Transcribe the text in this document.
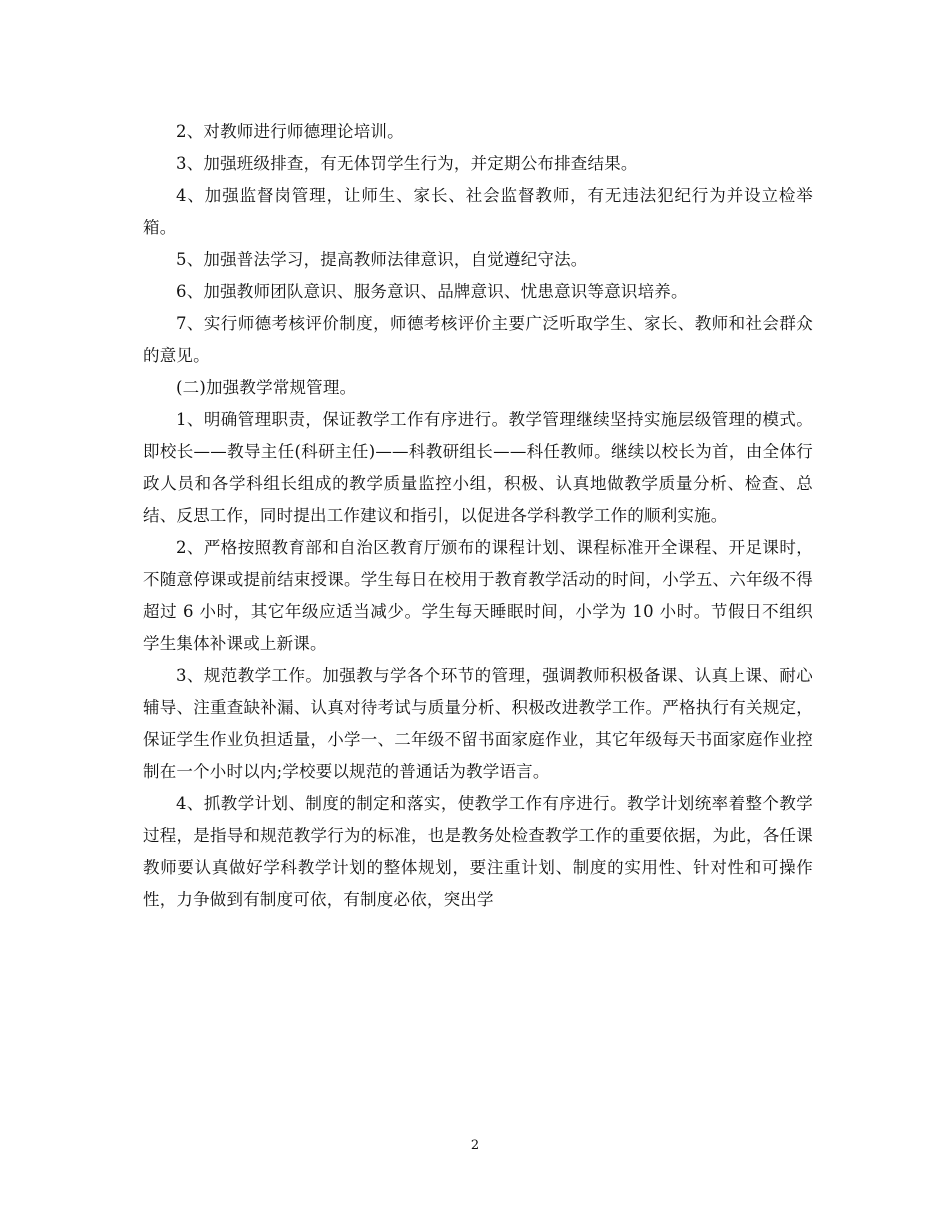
2、对教师进行师德理论培训。

3、加强班级排查，有无体罚学生行为，并定期公布排查结果。

4、加强监督岗管理，让师生、家长、社会监督教师，有无违法犯纪行为并设立检举箱。

5、加强普法学习，提高教师法律意识，自觉遵纪守法。

6、加强教师团队意识、服务意识、品牌意识、忧患意识等意识培养。

7、实行师德考核评价制度，师德考核评价主要广泛听取学生、家长、教师和社会群众的意见。

(二)加强教学常规管理。

1、明确管理职责，保证教学工作有序进行。教学管理继续坚持实施层级管理的模式。即校长——教导主任(科研主任)——科教研组长——科任教师。继续以校长为首，由全体行政人员和各学科组长组成的教学质量监控小组，积极、认真地做教学质量分析、检查、总结、反思工作，同时提出工作建议和指引，以促进各学科教学工作的顺利实施。

2、严格按照教育部和自治区教育厅颁布的课程计划、课程标准开全课程、开足课时，不随意停课或提前结束授课。学生每日在校用于教育教学活动的时间，小学五、六年级不得超过 6 小时，其它年级应适当减少。学生每天睡眠时间，小学为 10 小时。节假日不组织学生集体补课或上新课。

3、规范教学工作。加强教与学各个环节的管理，强调教师积极备课、认真上课、耐心辅导、注重查缺补漏、认真对待考试与质量分析、积极改进教学工作。严格执行有关规定，保证学生作业负担适量，小学一、二年级不留书面家庭作业，其它年级每天书面家庭作业控制在一个小时以内;学校要以规范的普通话为教学语言。

4、抓教学计划、制度的制定和落实，使教学工作有序进行。教学计划统率着整个教学过程，是指导和规范教学行为的标准，也是教务处检查教学工作的重要依据，为此，各任课教师要认真做好学科教学计划的整体规划，要注重计划、制度的实用性、针对性和可操作性，力争做到有制度可依，有制度必依，突出学

2
